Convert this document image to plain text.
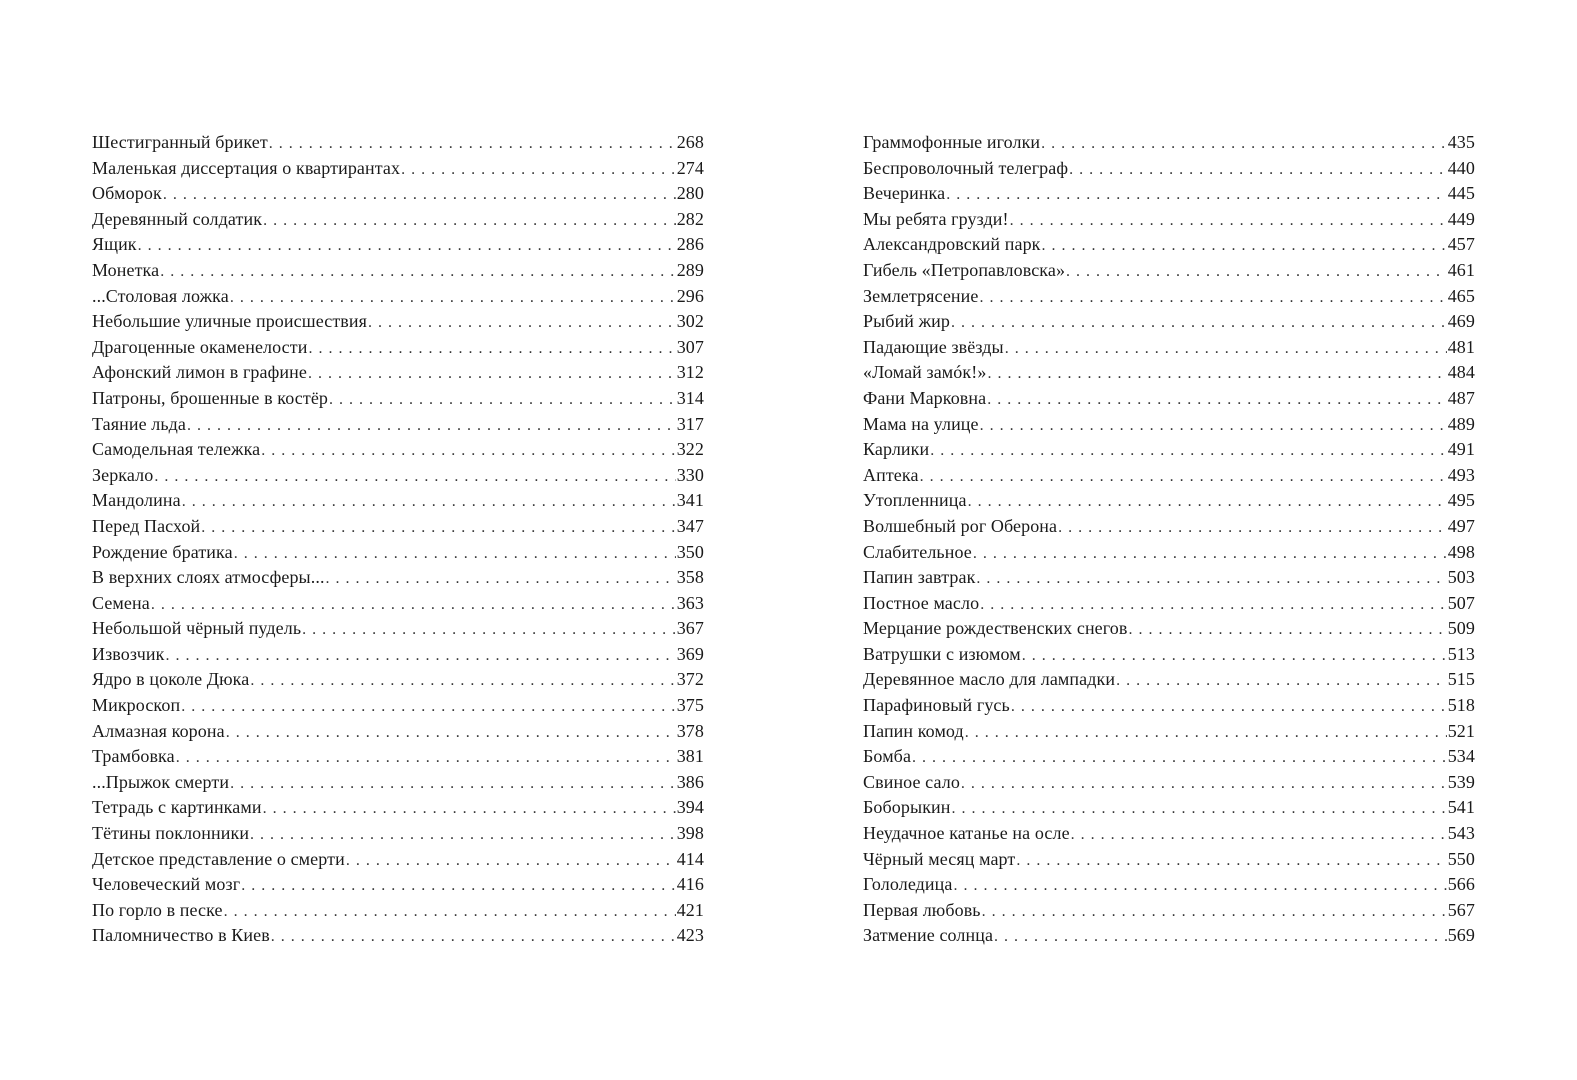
Шестигранный брикет . . .	268
Маленькая диссертация о квартирантах . . .	274
Обморок . . .	280
Деревянный солдатик . . .	282
Ящик . . .	286
Монетка . . .	289
...Столовая ложка . . .	296
Небольшие уличные происшествия . . .	302
Драгоценные окаменелости . . .	307
Афонский лимон в графине . . .	312
Патроны, брошенные в костёр . . .	314
Таяние льда . . .	317
Самодельная тележка . . .	322
Зеркало . . .	330
Мандолина . . .	341
Перед Пасхой . . .	347
Рождение братика . . .	350
В верхних слоях атмосферы... . . .	358
Семена . . .	363
Небольшой чёрный пудель . . .	367
Извозчик . . .	369
Ядро в цоколе Дюка . . .	372
Микроскоп . . .	375
Алмазная корона . . .	378
Трамбовка . . .	381
...Прыжок смерти . . .	386
Тетрадь с картинками . . .	394
Тётины поклонники . . .	398
Детское представление о смерти . . .	414
Человеческий мозг . . .	416
По горло в песке . . .	421
Паломничество в Киев . . .	423
Граммофонные иголки . . .	435
Беспроволочный телеграф . . .	440
Вечеринка . . .	445
Мы ребята грузди! . . .	449
Александровский парк . . .	457
Гибель «Петропавловска» . . .	461
Землетрясение . . .	465
Рыбий жир . . .	469
Падающие звёзды . . .	481
«Ломай замóк!» . . .	484
Фани Марковна . . .	487
Мама на улице . . .	489
Карлики . . .	491
Аптека . . .	493
Утопленница . . .	495
Волшебный рог Оберона . . .	497
Слабительное . . .	498
Папин завтрак . . .	503
Постное масло . . .	507
Мерцание рождественских снегов . . .	509
Ватрушки с изюмом . . .	513
Деревянное масло для лампадки . . .	515
Парафиновый гусь . . .	518
Папин комод . . .	521
Бомба . . .	534
Свиное сало . . .	539
Боборыкин . . .	541
Неудачное катанье на осле . . .	543
Чёрный месяц март . . .	550
Гололедица . . .	566
Первая любовь . . .	567
Затмение солнца . . .	569
